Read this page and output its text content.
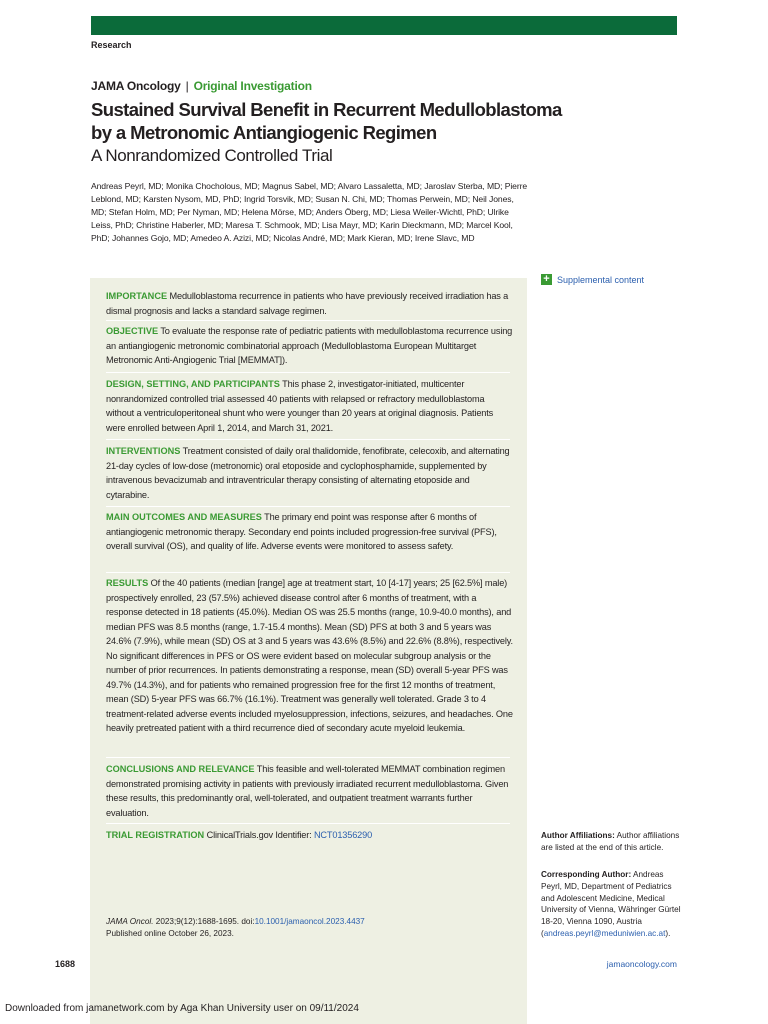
Research
JAMA Oncology | Original Investigation
Sustained Survival Benefit in Recurrent Medulloblastoma by a Metronomic Antiangiogenic Regimen
A Nonrandomized Controlled Trial
Andreas Peyrl, MD; Monika Chocholous, MD; Magnus Sabel, MD; Alvaro Lassaletta, MD; Jaroslav Sterba, MD; Pierre Leblond, MD; Karsten Nysom, MD, PhD; Ingrid Torsvik, MD; Susan N. Chi, MD; Thomas Perwein, MD; Neil Jones, MD; Stefan Holm, MD; Per Nyman, MD; Helena Mörse, MD; Anders Öberg, MD; Liesa Weiler-Wichtl, PhD; Ulrike Leiss, PhD; Christine Haberler, MD; Maresa T. Schmook, MD; Lisa Mayr, MD; Karin Dieckmann, MD; Marcel Kool, PhD; Johannes Gojo, MD; Amedeo A. Azizi, MD; Nicolas André, MD; Mark Kieran, MD; Irene Slavc, MD

IMPORTANCE Medulloblastoma recurrence in patients who have previously received irradiation has a dismal prognosis and lacks a standard salvage regimen.

OBJECTIVE To evaluate the response rate of pediatric patients with medulloblastoma recurrence using an antiangiogenic metronomic combinatorial approach (Medulloblastoma European Multitarget Metronomic Anti-Angiogenic Trial [MEMMAT]).

DESIGN, SETTING, AND PARTICIPANTS This phase 2, investigator-initiated, multicenter nonrandomized controlled trial assessed 40 patients with relapsed or refractory medulloblastoma without a ventriculoperitoneal shunt who were younger than 20 years at original diagnosis. Patients were enrolled between April 1, 2014, and March 31, 2021.

INTERVENTIONS Treatment consisted of daily oral thalidomide, fenofibrate, celecoxib, and alternating 21-day cycles of low-dose (metronomic) oral etoposide and cyclophosphamide, supplemented by intravenous bevacizumab and intraventricular therapy consisting of alternating etoposide and cytarabine.

MAIN OUTCOMES AND MEASURES The primary end point was response after 6 months of antiangiogenic metronomic therapy. Secondary end points included progression-free survival (PFS), overall survival (OS), and quality of life. Adverse events were monitored to assess safety.

RESULTS Of the 40 patients (median [range] age at treatment start, 10 [4-17] years; 25 [62.5%] male) prospectively enrolled, 23 (57.5%) achieved disease control after 6 months of treatment, with a response detected in 18 patients (45.0%). Median OS was 25.5 months (range, 10.9-40.0 months), and median PFS was 8.5 months (range, 1.7-15.4 months). Mean (SD) PFS at both 3 and 5 years was 24.6% (7.9%), while mean (SD) OS at 3 and 5 years was 43.6% (8.5%) and 22.6% (8.8%), respectively. No significant differences in PFS or OS were evident based on molecular subgroup analysis or the number of prior recurrences. In patients demonstrating a response, mean (SD) overall 5-year PFS was 49.7% (14.3%), and for patients who remained progression free for the first 12 months of treatment, mean (SD) 5-year PFS was 66.7% (16.1%). Treatment was generally well tolerated. Grade 3 to 4 treatment-related adverse events included myelosuppression, infections, seizures, and headaches. One heavily pretreated patient with a third recurrence died of secondary acute myeloid leukemia.

CONCLUSIONS AND RELEVANCE This feasible and well-tolerated MEMMAT combination regimen demonstrated promising activity in patients with previously irradiated recurrent medulloblastoma. Given these results, this predominantly oral, well-tolerated, and outpatient treatment warrants further evaluation.

TRIAL REGISTRATION ClinicalTrials.gov Identifier: NCT01356290

JAMA Oncol. 2023;9(12):1688-1695. doi:10.1001/jamaoncol.2023.4437
Published online October 26, 2023.
+ Supplemental content
Author Affiliations: Author affiliations are listed at the end of this article.
Corresponding Author: Andreas Peyrl, MD, Department of Pediatrics and Adolescent Medicine, Medical University of Vienna, Währinger Gürtel 18-20, Vienna 1090, Austria (andreas.peyrl@meduniwien.ac.at).
1688	jamaoncology.com
Downloaded from jamanetwork.com by Aga Khan University user on 09/11/2024
